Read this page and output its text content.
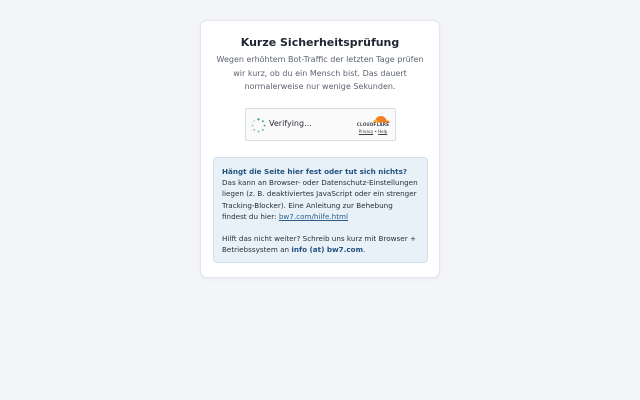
Kurze Sicherheitsprüfung
Wegen erhöhtem Bot-Traffic der letzten Tage prüfen wir kurz, ob du ein Mensch bist. Das dauert normalerweise nur wenige Sekunden.
Verifying...	CLOUDFLARE
Privacy • Help
Hängt die Seite hier fest oder tut sich nichts?
Das kann an Browser- oder Datenschutz-Einstellungen liegen (z. B. deaktiviertes JavaScript oder ein strenger Tracking-Blocker). Eine Anleitung zur Behebung findest du hier: bw7.com/hilfe.html
Hilft das nicht weiter? Schreib uns kurz mit Browser + Betriebssystem an info (at) bw7.com.
